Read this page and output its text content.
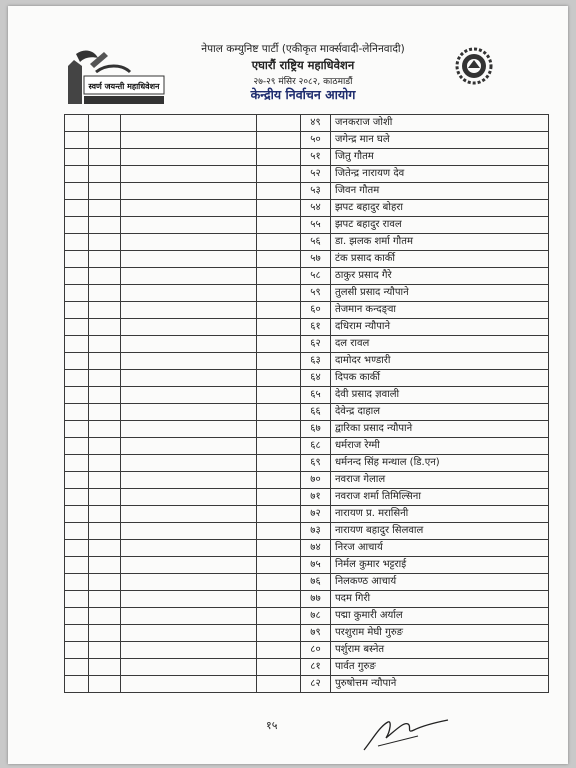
स्वर्ण जयन्ती महाधिवेशन
नेपाल कम्युनिष्ट पार्टी (एकीकृत मार्क्सवादी-लेनिनवादी)
एघारौं राष्ट्रिय महाधिवेशन
२७-२९ मंसिर २०८२, काठमाडौं
केन्द्रीय निर्वाचन आयोग
				४९	जनकराज जोशी
				५०	जगेन्द्र मान घले
				५१	जितु गौतम
				५२	जितेन्द्र नारायण देव
				५३	जिवन गौतम
				५४	झपट बहादुर बोहरा
				५५	झपट बहादुर रावल
				५६	डा. झलक शर्मा गौतम
				५७	टंक प्रसाद कार्की
				५८	ठाकुर प्रसाद गैरे
				५९	तुलसी प्रसाद न्यौपाने
				६०	तेजमान कन्दङ्वा
				६१	दधिराम न्यौपाने
				६२	दल रावल
				६३	दामोदर भण्डारी
				६४	दिपक कार्की
				६५	देवी प्रसाद ज्ञवाली
				६६	देवेन्द्र दाहाल
				६७	द्वारिका प्रसाद न्यौपाने
				६८	धर्मराज रेग्मी
				६९	धर्मनन्द सिंह मन्थाल (डि.एन)
				७०	नवराज गेलाल
				७१	नवराज शर्मा तिमिल्सिना
				७२	नारायण प्र. मरासिनी
				७३	नारायण बहादुर सिलवाल
				७४	निरज आचार्य
				७५	निर्मल कुमार भट्टराई
				७६	निलकण्ठ आचार्य
				७७	पदम गिरी
				७८	पद्मा कुमारी अर्याल
				७९	परशुराम मेघी गुरुङ
				८०	पर्शुराम बस्नेत
				८१	पार्वत गुरुङ
				८२	पुरुषोत्तम न्यौपाने
१५
